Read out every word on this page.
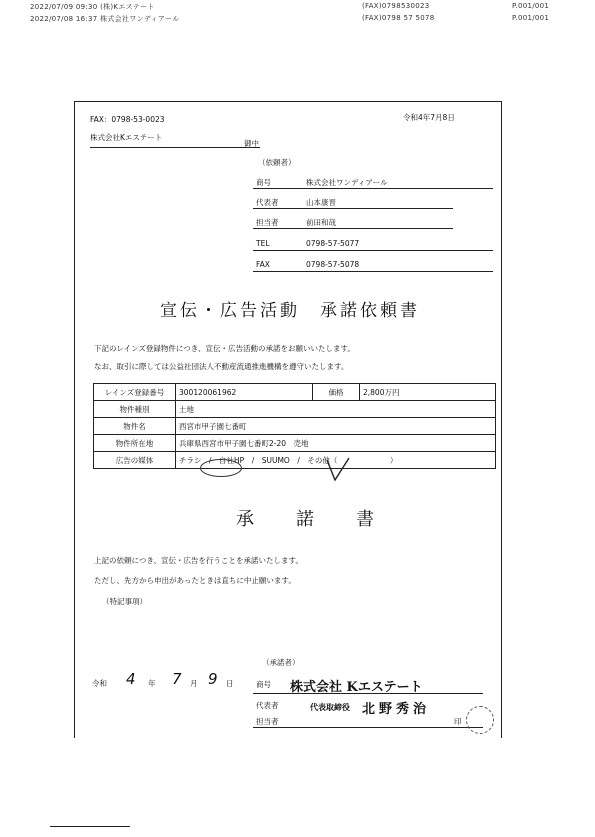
2022/07/09 09:30 (株)Kエステート	(FAX)0798530023	P.001/001
2022/07/08 16:37 株式会社ワンディアール	(FAX)0798 57 5078	P.001/001
FAX：0798-53-0023	令和4年7月8日
株式会社Kエステート
御中
（依頼者）
商号	株式会社ワンディアール
代表者	山本康晋
担当者	前田和哉
TEL	0798-57-5077
FAX	0798-57-5078
宣伝・広告活動　承諾依頼書
下記のレインズ登録物件につき、宣伝・広告活動の承諾をお願いいたします。
なお、取引に際しては公益社団法人不動産流通推進機構を遵守いたします。
レインズ登録番号	300120061962	価格	2,800万円
物件種別	土地		
物件名	西宮市甲子園七番町		
物件所在地	兵庫県西宮市甲子園七番町2-20　売地		
広告の媒体	チラシ　/　自社HP　/　SUUMO　/　その他（　　　　　　　）		
承　　諾　　書
上記の依頼につき、宣伝・広告を行うことを承諾いたします。
ただし、先方から申出があったときは直ちに中止願います。
（特記事項）
令和 4 年 7 月 9 日
（承諾者）
商号 株式会社 Kエステート
代表者	代表取締役 北野秀治
担当者	印
